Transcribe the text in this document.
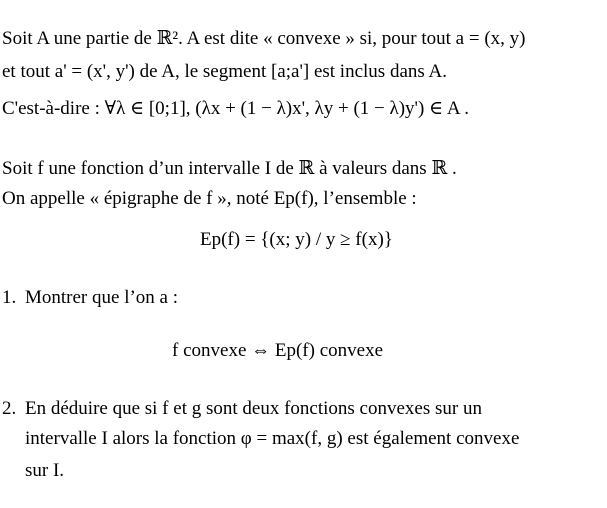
Soit A une partie de ℝ². A est dite « convexe » si, pour tout a = (x, y)
et tout a' = (x', y') de A, le segment [a;a'] est inclus dans A.
C'est-à-dire : ∀λ ∈ [0;1], (λx + (1 − λ)x', λy + (1 − λ)y') ∈ A .
Soit f une fonction d’un intervalle I de ℝ à valeurs dans ℝ .
On appelle « épigraphe de f », noté Ep(f), l’ensemble :
Ep(f) = {(x; y) / y ≥ f(x)}
1. Montrer que l’on a :
f convexe ⇔ Ep(f) convexe
2. En déduire que si f et g sont deux fonctions convexes sur un
intervalle I alors la fonction φ = max(f, g) est également convexe
sur I.
